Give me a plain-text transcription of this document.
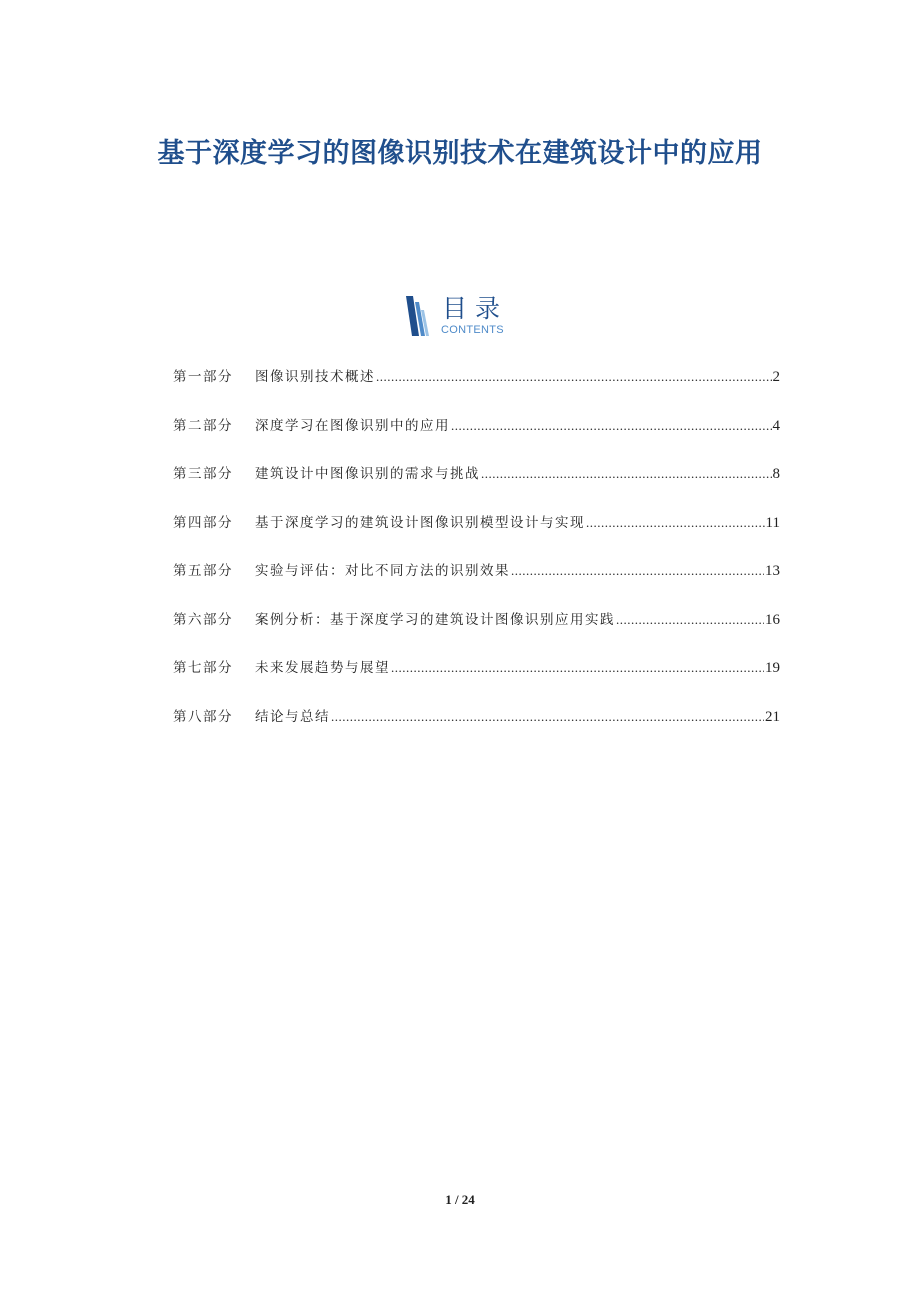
基于深度学习的图像识别技术在建筑设计中的应用
目录
CONTENTS
第一部分	图像识别技术概述 .....	2
第二部分	深度学习在图像识别中的应用 .....	4
第三部分	建筑设计中图像识别的需求与挑战 .....	8
第四部分	基于深度学习的建筑设计图像识别模型设计与实现 .....	11
第五部分	实验与评估：对比不同方法的识别效果 .....	13
第六部分	案例分析：基于深度学习的建筑设计图像识别应用实践 .....	16
第七部分	未来发展趋势与展望 .....	19
第八部分	结论与总结 .....	21
1 / 24
